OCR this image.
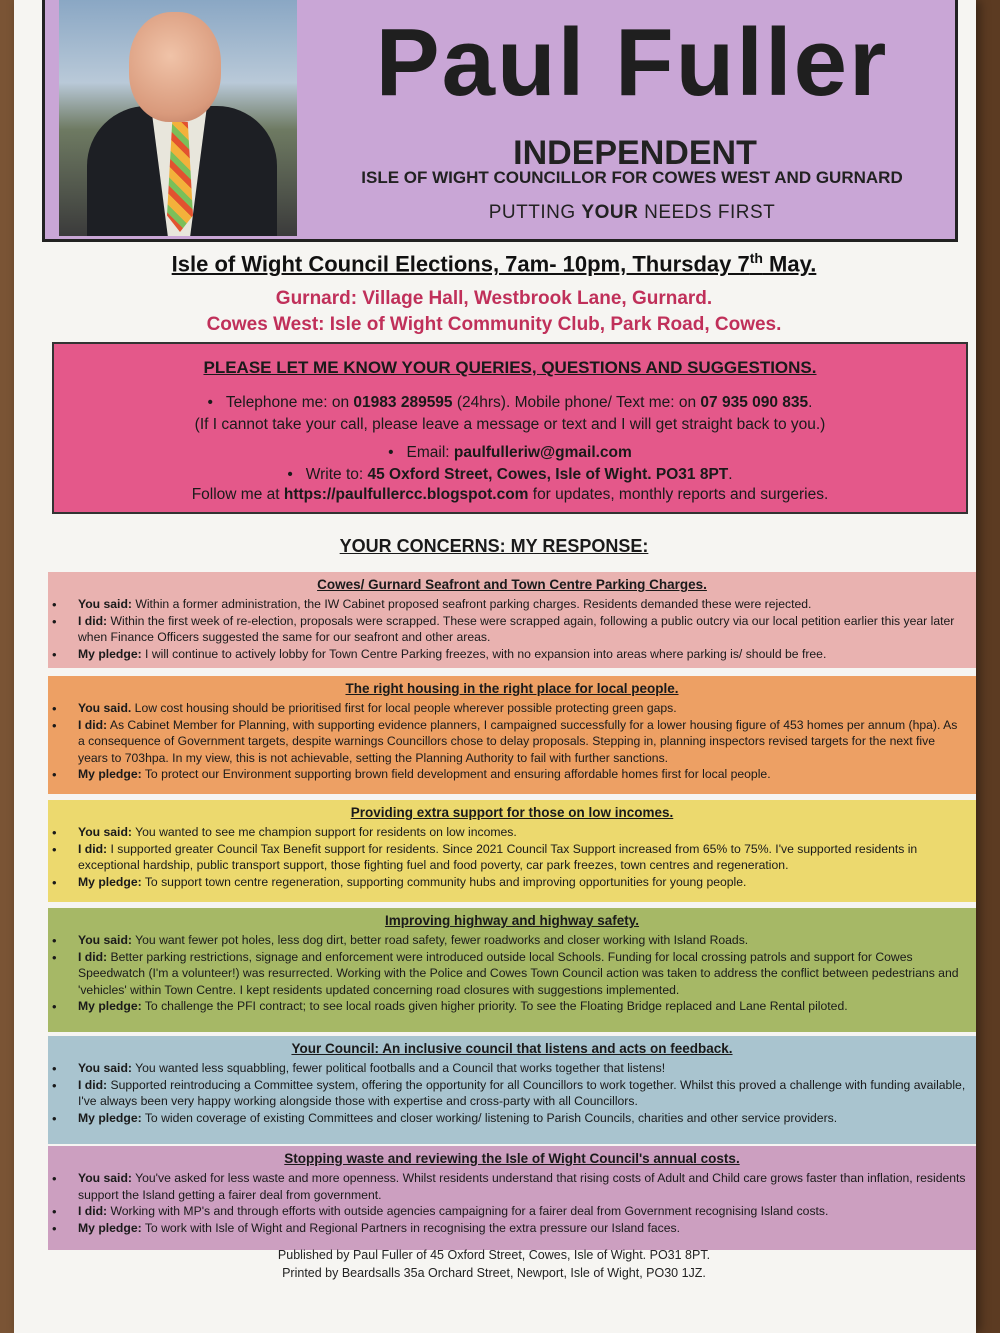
Paul Fuller
INDEPENDENT
ISLE OF WIGHT COUNCILLOR FOR COWES WEST AND GURNARD
PUTTING YOUR NEEDS FIRST
Isle of Wight Council Elections, 7am- 10pm, Thursday 7th May.
Gurnard: Village Hall, Westbrook Lane, Gurnard.
Cowes West: Isle of Wight Community Club, Park Road, Cowes.
PLEASE LET ME KNOW YOUR QUERIES, QUESTIONS AND SUGGESTIONS.
•   Telephone me: on 01983 289595 (24hrs). Mobile phone/ Text me: on 07 935 090 835.
(If I cannot take your call, please leave a message or text and I will get straight back to you.)
•   Email: paulfulleriw@gmail.com
•   Write to: 45 Oxford Street, Cowes, Isle of Wight. PO31 8PT.
Follow me at https://paulfullercc.blogspot.com for updates, monthly reports and surgeries.
YOUR CONCERNS: MY RESPONSE:
Cowes/ Gurnard Seafront and Town Centre Parking Charges.
• You said: Within a former administration, the IW Cabinet proposed seafront parking charges. Residents demanded these were rejected.
• I did: Within the first week of re-election, proposals were scrapped. These were scrapped again, following a public outcry via our local petition earlier this year later when Finance Officers suggested the same for our seafront and other areas.
• My pledge: I will continue to actively lobby for Town Centre Parking freezes, with no expansion into areas where parking is/ should be free.
The right housing in the right place for local people.
• You said. Low cost housing should be prioritised first for local people wherever possible protecting green gaps.
• I did: As Cabinet Member for Planning, with supporting evidence planners, I campaigned successfully for a lower housing figure of 453 homes per annum (hpa). As a consequence of Government targets, despite warnings Councillors chose to delay proposals. Stepping in, planning inspectors revised targets for the next five years to 703hpa. In my view, this is not achievable, setting the Planning Authority to fail with further sanctions.
• My pledge: To protect our Environment supporting brown field development and ensuring affordable homes first for local people.
Providing extra support for those on low incomes.
• You said: You wanted to see me champion support for residents on low incomes.
• I did: I supported greater Council Tax Benefit support for residents. Since 2021 Council Tax Support increased from 65% to 75%. I've supported residents in exceptional hardship, public transport support, those fighting fuel and food poverty, car park freezes, town centres and regeneration.
• My pledge: To support town centre regeneration, supporting community hubs and improving opportunities for young people.
Improving highway and highway safety.
• You said: You want fewer pot holes, less dog dirt, better road safety, fewer roadworks and closer working with Island Roads.
• I did: Better parking restrictions, signage and enforcement were introduced outside local Schools. Funding for local crossing patrols and support for Cowes Speedwatch (I'm a volunteer!) was resurrected. Working with the Police and Cowes Town Council action was taken to address the conflict between pedestrians and 'vehicles' within Town Centre. I kept residents updated concerning road closures with suggestions implemented.
• My pledge: To challenge the PFI contract; to see local roads given higher priority. To see the Floating Bridge replaced and Lane Rental piloted.
Your Council: An inclusive council that listens and acts on feedback.
• You said: You wanted less squabbling, fewer political footballs and a Council that works together that listens!
• I did: Supported reintroducing a Committee system, offering the opportunity for all Councillors to work together. Whilst this proved a challenge with funding available, I've always been very happy working alongside those with expertise and cross-party with all Councillors.
• My pledge: To widen coverage of existing Committees and closer working/ listening to Parish Councils, charities and other service providers.
Stopping waste and reviewing the Isle of Wight Council's annual costs.
• You said: You've asked for less waste and more openness. Whilst residents understand that rising costs of Adult and Child care grows faster than inflation, residents support the Island getting a fairer deal from government.
• I did: Working with MP's and through efforts with outside agencies campaigning for a fairer deal from Government recognising Island costs.
• My pledge: To work with Isle of Wight and Regional Partners in recognising the extra pressure our Island faces.
Published by Paul Fuller of 45 Oxford Street, Cowes, Isle of Wight. PO31 8PT.
Printed by Beardsalls 35a Orchard Street, Newport, Isle of Wight, PO30 1JZ.
